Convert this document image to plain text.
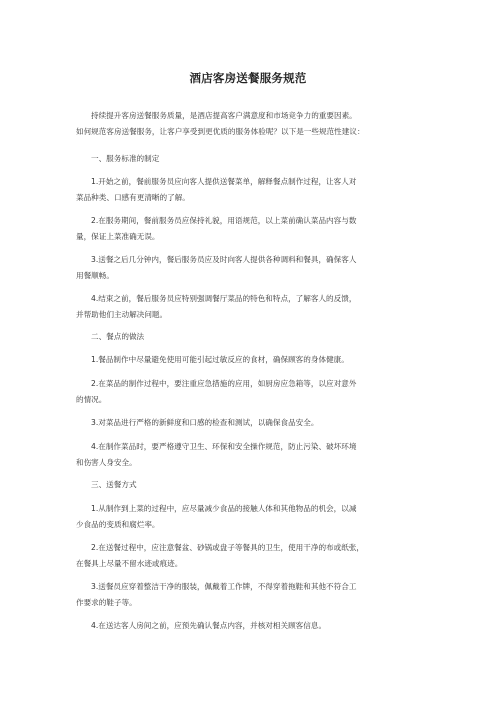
酒店客房送餐服务规范
持续提升客房送餐服务质量，是酒店提高客户满意度和市场竞争力的重要因素。
如何规范客房送餐服务，让客户享受到更优质的服务体验呢？以下是一些规范性建议：
一、服务标准的制定
1.开始之前，餐前服务员应向客人提供送餐菜单，解释餐点制作过程，让客人对
菜品种类、口感有更清晰的了解。
2.在服务期间，餐前服务员应保持礼貌，用语规范，以上菜前确认菜品内容与数
量，保证上菜准确无误。
3.送餐之后几分钟内，餐后服务员应及时向客人提供各种调料和餐具，确保客人
用餐顺畅。
4.结束之前，餐后服务员应特别强调餐厅菜品的特色和特点，了解客人的反馈，
并帮助他们主动解决问题。
二、餐点的做法
1.餐品制作中尽量避免使用可能引起过敏反应的食材，确保顾客的身体健康。
2.在菜品的制作过程中，要注重应急措施的应用，如厨房应急箱等，以应对意外
的情况。
3.对菜品进行严格的新鲜度和口感的检查和测试，以确保食品安全。
4.在制作菜品时，要严格遵守卫生、环保和安全操作规范，防止污染、破坏环境
和伤害人身安全。
三、送餐方式
1.从制作到上菜的过程中，应尽量减少食品的接触人体和其他物品的机会，以减
少食品的变质和腐烂率。
2.在送餐过程中，应注意餐盆、砂锅或盘子等餐具的卫生，使用干净的布或纸张，
在餐具上尽量不留水迹或痕迹。
3.送餐员应穿着整洁干净的服装，佩戴着工作牌，不得穿着拖鞋和其他不符合工
作要求的鞋子等。
4.在送达客人房间之前，应预先确认餐点内容，并核对相关顾客信息。
